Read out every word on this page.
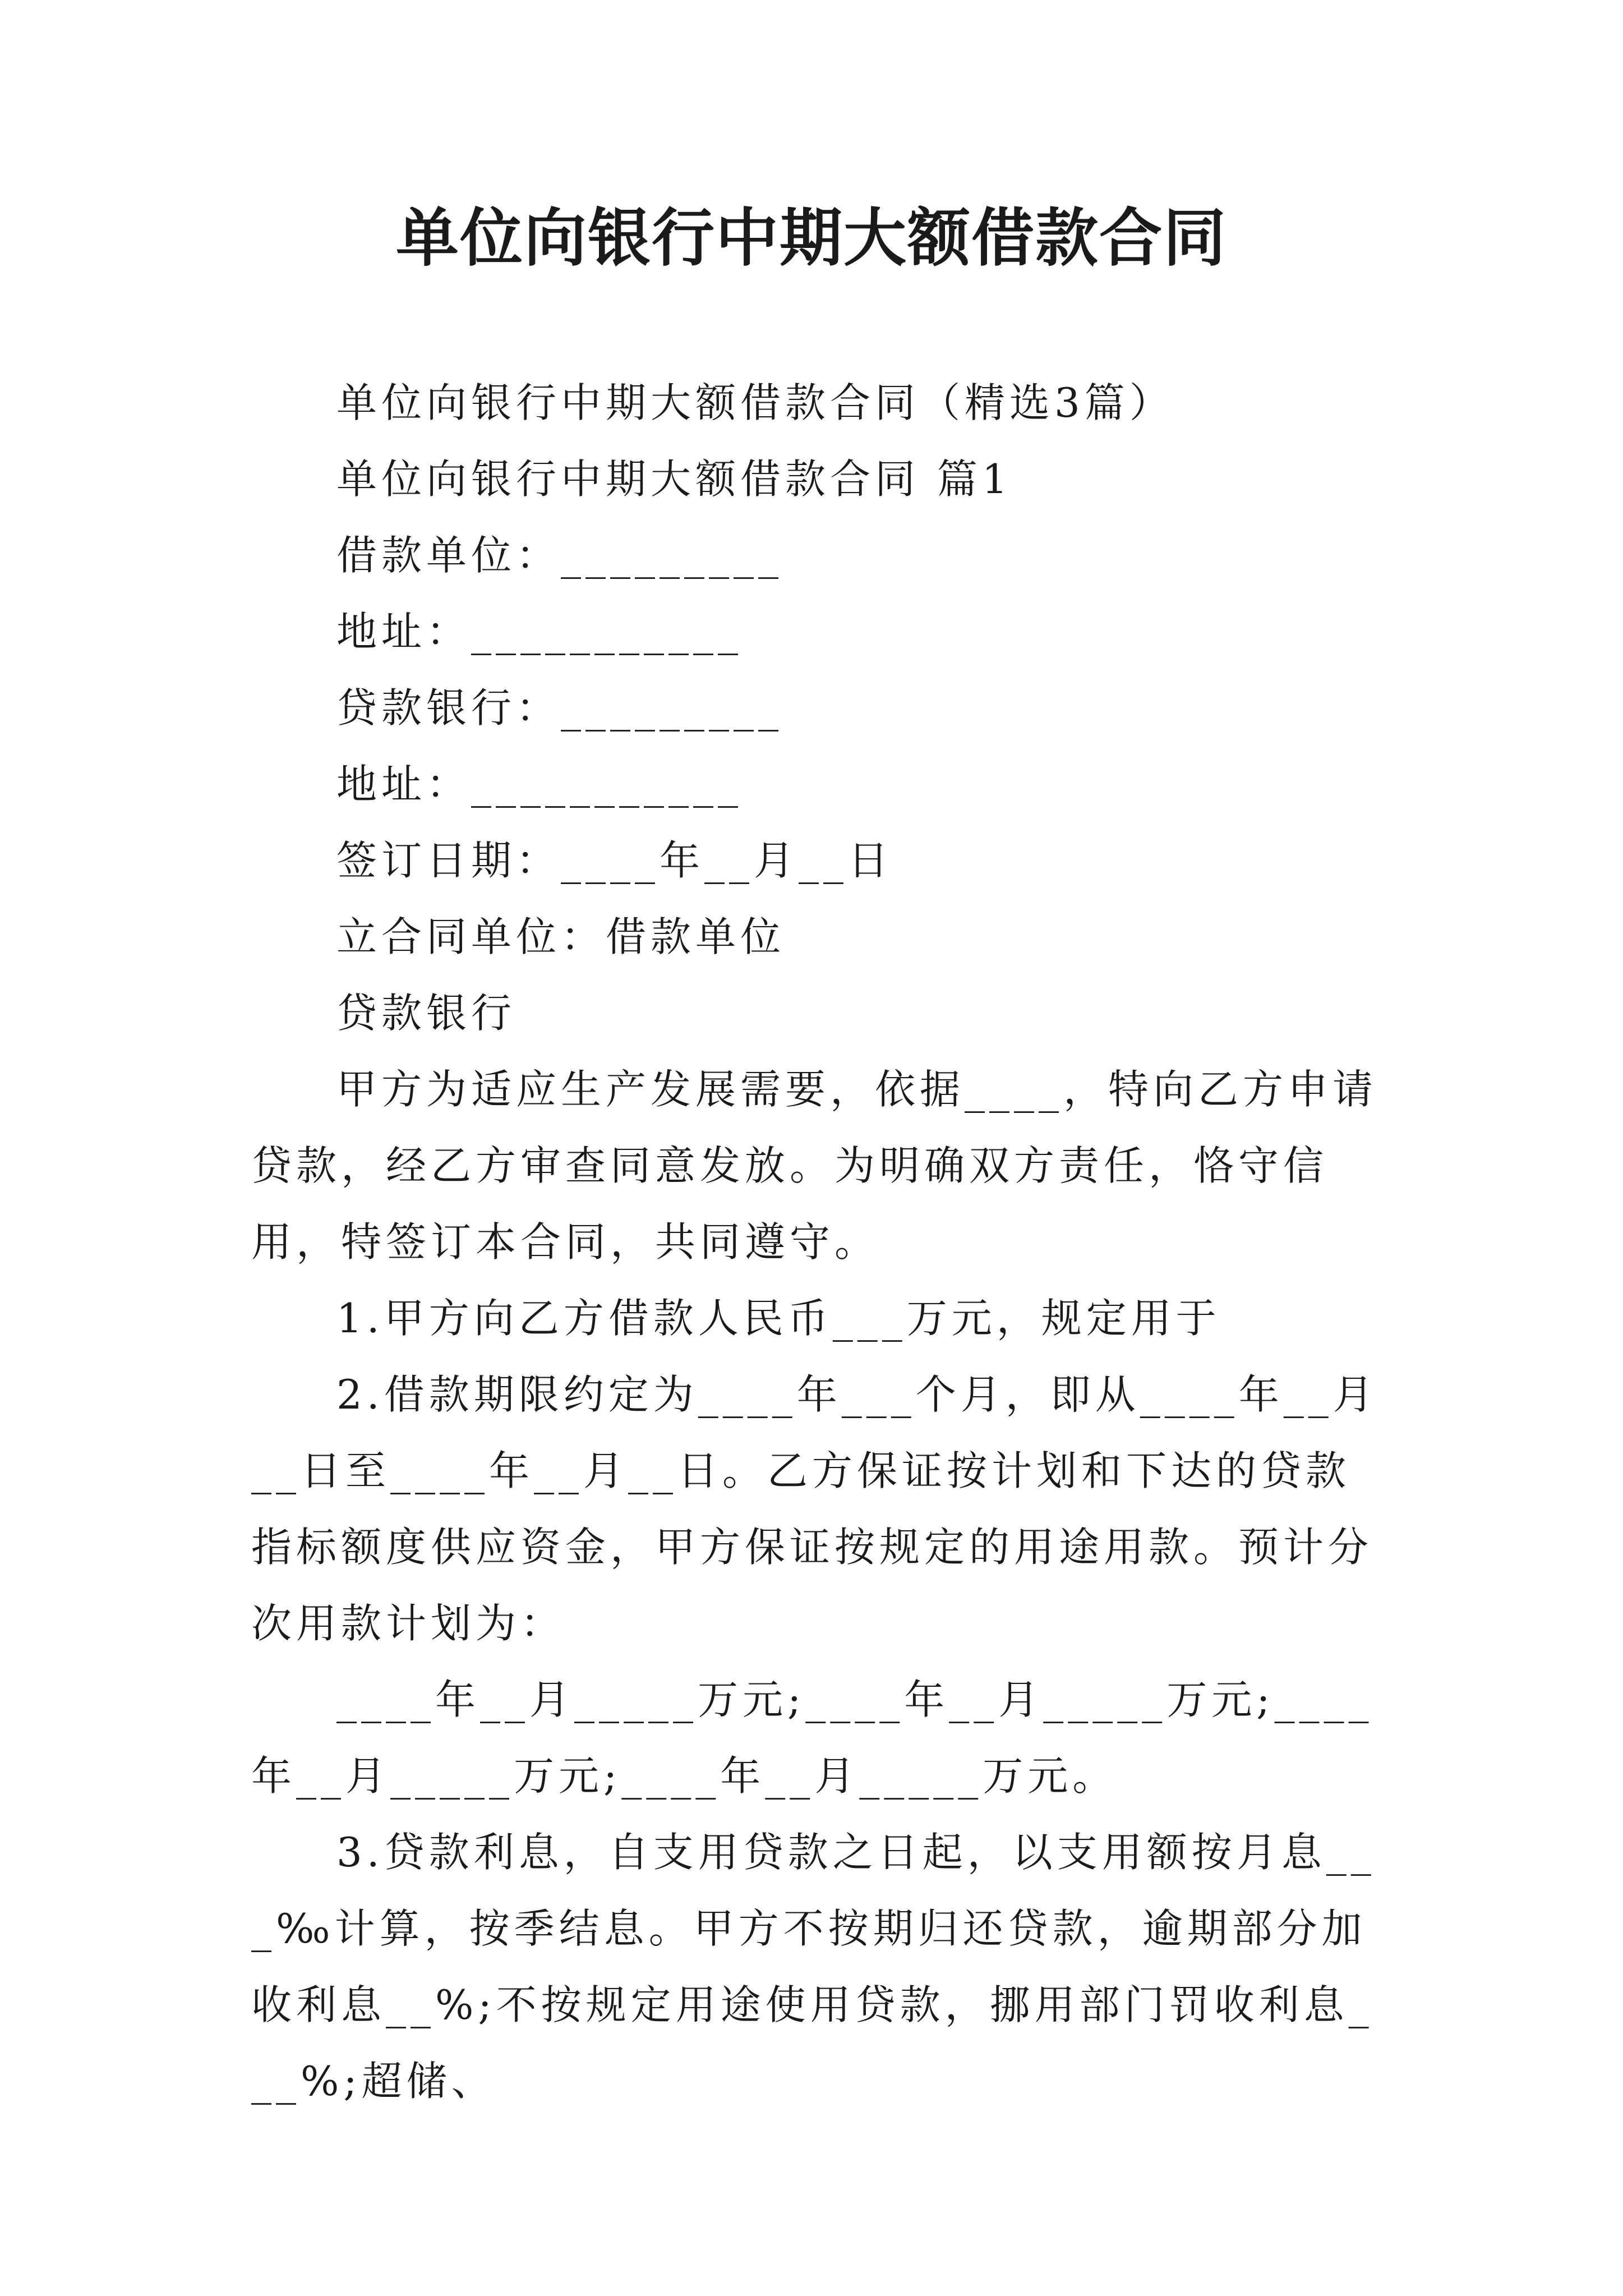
单位向银行中期大额借款合同

单位向银行中期大额借款合同（精选3篇）

单位向银行中期大额借款合同 篇1

借款单位：_________

地址：___________

贷款银行：_________

地址：___________

签订日期：____年__月__日

立合同单位：借款单位

贷款银行

甲方为适应生产发展需要，依据____，特向乙方申请贷款，经乙方审查同意发放。为明确双方责任，恪守信用，特签订本合同，共同遵守。

1.甲方向乙方借款人民币___万元，规定用于

2.借款期限约定为____年___个月，即从____年__月__日至____年__月__日。乙方保证按计划和下达的贷款指标额度供应资金，甲方保证按规定的用途用款。预计分次用款计划为：

____年__月_____万元;____年__月_____万元;____年__月_____万元;____年__月_____万元。

3.贷款利息，自支用贷款之日起，以支用额按月息___‰计算，按季结息。甲方不按期归还贷款，逾期部分加收利息__%;不按规定用途使用贷款，挪用部门罚收利息___%;超储、
